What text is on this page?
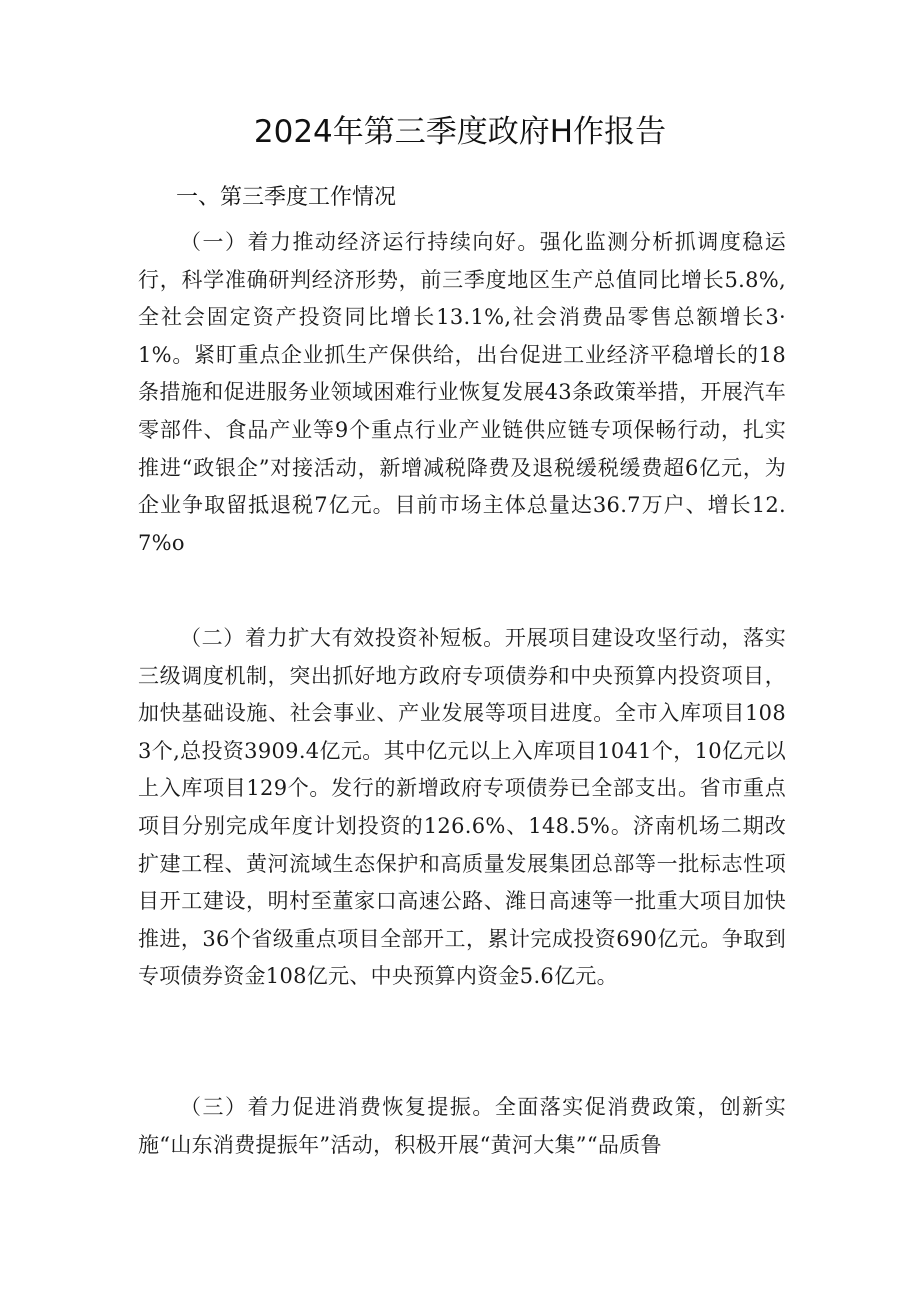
2024年第三季度政府H作报告
一、第三季度工作情况

（一）着力推动经济运行持续向好。强化监测分析抓调度稳运行，科学准确研判经济形势，前三季度地区生产总值同比增长5.8%,全社会固定资产投资同比增长13.1%,社会消费品零售总额增长3·1%。紧盯重点企业抓生产保供给，出台促进工业经济平稳增长的18条措施和促进服务业领域困难行业恢复发展43条政策举措，开展汽车零部件、食品产业等9个重点行业产业链供应链专项保畅行动，扎实推进“政银企”对接活动，新增减税降费及退税缓税缓费超6亿元，为企业争取留抵退税7亿元。目前市场主体总量达36.7万户、增长12.7%o

（二）着力扩大有效投资补短板。开展项目建设攻坚行动，落实三级调度机制，突出抓好地方政府专项债券和中央预算内投资项目，加快基础设施、社会事业、产业发展等项目进度。全市入库项目1083个,总投资3909.4亿元。其中亿元以上入库项目1041个，10亿元以上入库项目129个。发行的新增政府专项债券已全部支出。省市重点项目分别完成年度计划投资的126.6%、148.5%。济南机场二期改扩建工程、黄河流域生态保护和高质量发展集团总部等一批标志性项目开工建设，明村至董家口高速公路、潍日高速等一批重大项目加快推进，36个省级重点项目全部开工，累计完成投资690亿元。争取到专项债券资金108亿元、中央预算内资金5.6亿元。

（三）着力促进消费恢复提振。全面落实促消费政策，创新实施“山东消费提振年”活动，积极开展“黄河大集”“品质鲁
